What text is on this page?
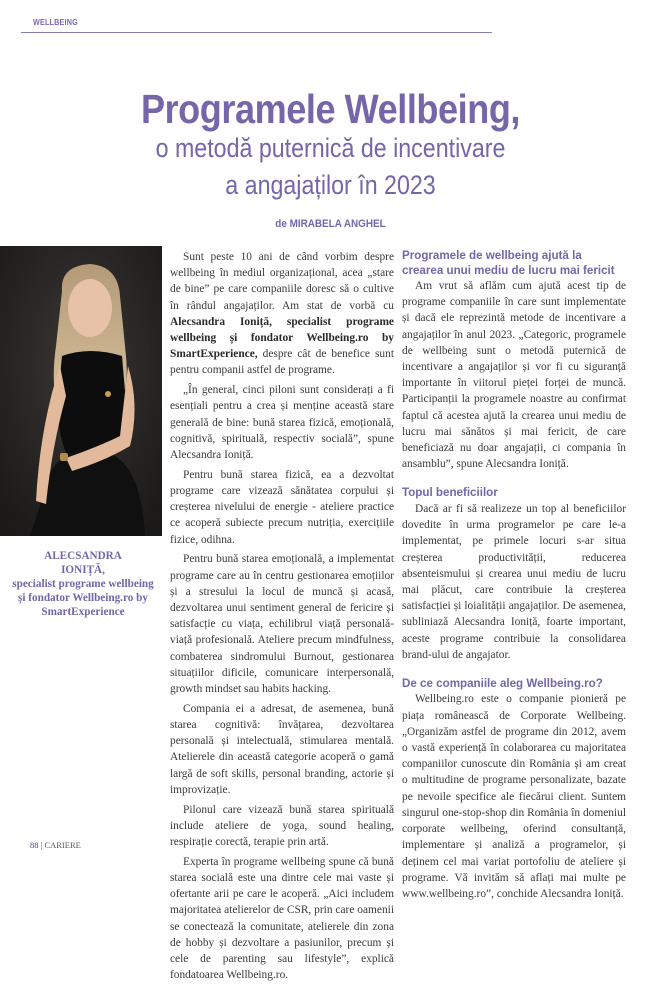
WELLBEING
Programele Wellbeing,
o metodă puternică de incentivare
a angajaților în 2023
de MIRABELA ANGHEL
ALECSANDRA
IONIȚĂ,
specialist programe wellbeing și fondator Wellbeing.ro by SmartExperience

Sunt peste 10 ani de când vorbim despre wellbeing în mediul organizațional, acea „stare de bine” pe care companiile doresc să o cultive în rândul angajaților. Am stat de vorbă cu Alecsandra Ioniță, specialist programe wellbeing și fondator Wellbeing.ro by SmartExperience, despre cât de benefice sunt pentru companii astfel de programe.

„În general, cinci piloni sunt considerați a fi esențiali pentru a crea și menține această stare generală de bine: bună starea fizică, emoțională, cognitivă, spirituală, respectiv socială”, spune Alecsandra Ioniță.

Pentru bună starea fizică, ea a dezvoltat programe care vizează sănătatea corpului și creșterea nivelului de energie - ateliere practice ce acoperă subiecte precum nutriția, exercițiile fizice, odihna.

Pentru bună starea emoțională, a implementat programe care au în centru gestionarea emoțiilor și a stresului la locul de muncă și acasă, dezvoltarea unui sentiment general de fericire și satisfacție cu viața, echilibrul viață personală-viață profesională. Ateliere precum mindfulness, combaterea sindromului Burnout, gestionarea situațiilor dificile, comunicare interpersonală, growth mindset sau habits hacking.

Compania ei a adresat, de asemenea, bună starea cognitivă: învățarea, dezvoltarea personală și intelectuală, stimularea mentală. Atelierele din această categorie acoperă o gamă largă de soft skills, personal branding, actorie și improvizație.

Pilonul care vizează bună starea spirituală include ateliere de yoga, sound healing, respirație corectă, terapie prin artă.

Experta în programe wellbeing spune că bună starea socială este una dintre cele mai vaste și ofertante arii pe care le acoperă. „Aici includem majoritatea atelierelor de CSR, prin care oamenii se conectează la comunitate, atelierele din zona de hobby și dezvoltare a pasiunilor, precum și cele de parenting sau lifestyle”, explică fondatoarea Wellbeing.ro.

Programele de wellbeing ajută la crearea unui mediu de lucru mai fericit

Am vrut să aflăm cum ajută acest tip de programe companiile în care sunt implementate și dacă ele reprezintă metode de incentivare a angajaților în anul 2023. „Categoric, programele de wellbeing sunt o metodă puternică de incentivare a angajaților și vor fi cu siguranță importante în viitorul pieței forței de muncă. Participanții la programele noastre au confirmat faptul că acestea ajută la crearea unui mediu de lucru mai sănătos și mai fericit, de care beneficiază nu doar angajații, ci compania în ansamblu”, spune Alecsandra Ioniță.

Topul beneficiilor

Dacă ar fi să realizeze un top al beneficiilor dovedite în urma programelor pe care le-a implementat, pe primele locuri s-ar situa creșterea productivității, reducerea absenteismului și crearea unui mediu de lucru mai plăcut, care contribuie la creșterea satisfacției și loialității angajaților. De asemenea, subliniază Alecsandra Ioniță, foarte important, aceste programe contribuie la consolidarea brand-ului de angajator.

De ce companiile aleg Wellbeing.ro?

Wellbeing.ro este o companie pionieră pe piața românească de Corporate Wellbeing. „Organizăm astfel de programe din 2012, avem o vastă experiență în colaborarea cu majoritatea companiilor cunoscute din România și am creat o multitudine de programe personalizate, bazate pe nevoile specifice ale fiecărui client. Suntem singurul one-stop-shop din România în domeniul corporate wellbeing, oferind consultanță, implementare și analiză a programelor, și deținem cel mai variat portofoliu de ateliere și programe. Vă invităm să aflați mai multe pe www.wellbeing.ro”, conchide Alecsandra Ioniță.

88 | CARIERE
